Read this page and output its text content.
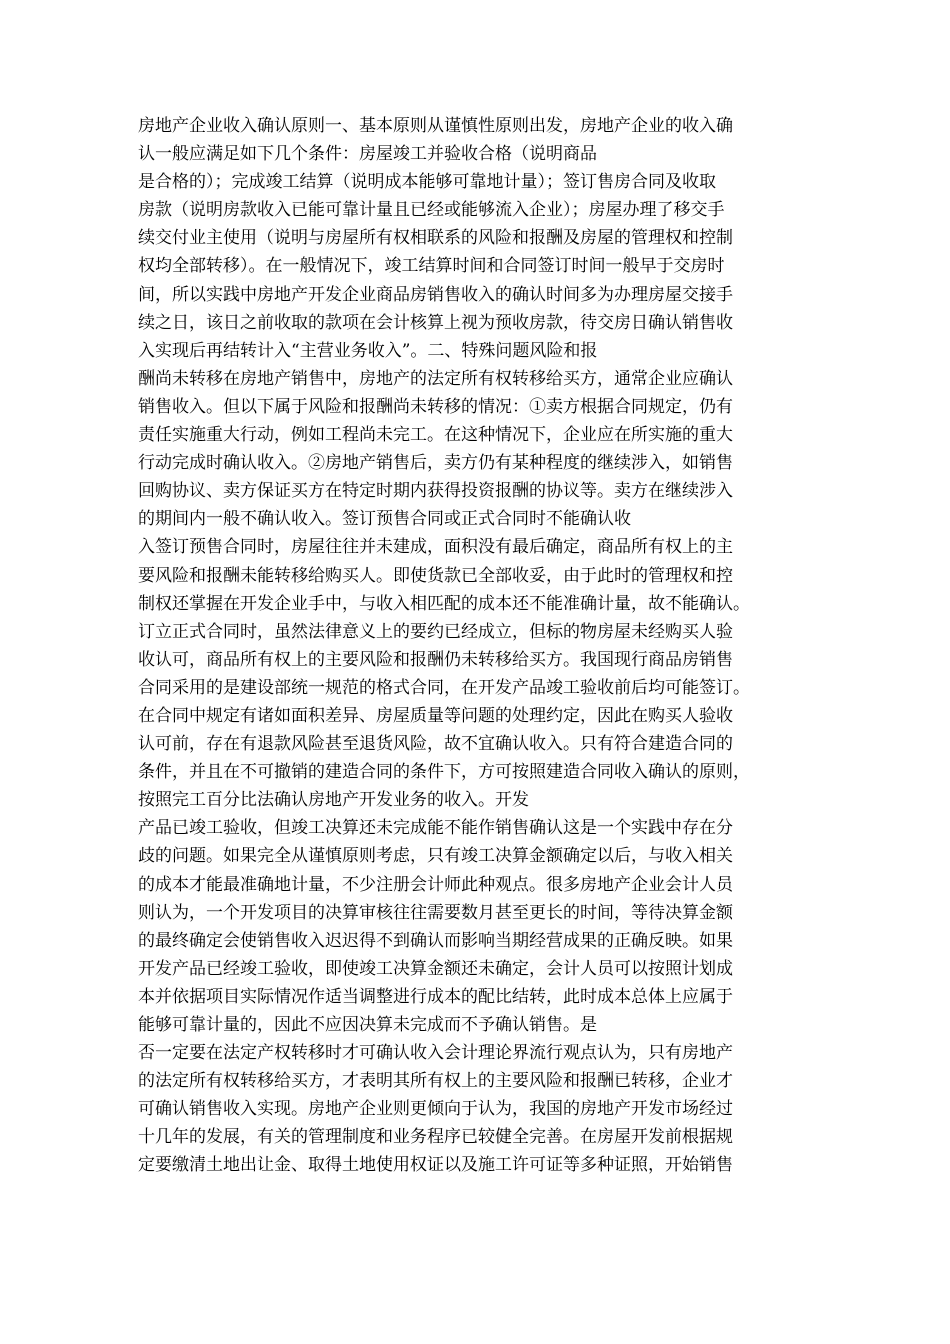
房地产企业收入确认原则一、基本原则从谨慎性原则出发，房地产企业的收入确
认一般应满足如下几个条件：房屋竣工并验收合格（说明商品
是合格的）；完成竣工结算（说明成本能够可靠地计量）；签订售房合同及收取
房款（说明房款收入已能可靠计量且已经或能够流入企业）；房屋办理了移交手
续交付业主使用（说明与房屋所有权相联系的风险和报酬及房屋的管理权和控制
权均全部转移）。在一般情况下，竣工结算时间和合同签订时间一般早于交房时
间，所以实践中房地产开发企业商品房销售收入的确认时间多为办理房屋交接手
续之日，该日之前收取的款项在会计核算上视为预收房款，待交房日确认销售收
入实现后再结转计入“主营业务收入”。二、特殊问题风险和报
酬尚未转移在房地产销售中，房地产的法定所有权转移给买方，通常企业应确认
销售收入。但以下属于风险和报酬尚未转移的情况：①卖方根据合同规定，仍有
责任实施重大行动，例如工程尚未完工。在这种情况下，企业应在所实施的重大
行动完成时确认收入。②房地产销售后，卖方仍有某种程度的继续涉入，如销售
回购协议、卖方保证买方在特定时期内获得投资报酬的协议等。卖方在继续涉入
的期间内一般不确认收入。签订预售合同或正式合同时不能确认收
入签订预售合同时，房屋往往并未建成，面积没有最后确定，商品所有权上的主
要风险和报酬未能转移给购买人。即使货款已全部收妥，由于此时的管理权和控
制权还掌握在开发企业手中，与收入相匹配的成本还不能准确计量，故不能确认。
订立正式合同时，虽然法律意义上的要约已经成立，但标的物房屋未经购买人验
收认可，商品所有权上的主要风险和报酬仍未转移给买方。我国现行商品房销售
合同采用的是建设部统一规范的格式合同，在开发产品竣工验收前后均可能签订。
在合同中规定有诸如面积差异、房屋质量等问题的处理约定，因此在购买人验收
认可前，存在有退款风险甚至退货风险，故不宜确认收入。只有符合建造合同的
条件，并且在不可撤销的建造合同的条件下，方可按照建造合同收入确认的原则，
按照完工百分比法确认房地产开发业务的收入。开发
产品已竣工验收，但竣工决算还未完成能不能作销售确认这是一个实践中存在分
歧的问题。如果完全从谨慎原则考虑，只有竣工决算金额确定以后，与收入相关
的成本才能最准确地计量，不少注册会计师此种观点。很多房地产企业会计人员
则认为，一个开发项目的决算审核往往需要数月甚至更长的时间，等待决算金额
的最终确定会使销售收入迟迟得不到确认而影响当期经营成果的正确反映。如果
开发产品已经竣工验收，即使竣工决算金额还未确定，会计人员可以按照计划成
本并依据项目实际情况作适当调整进行成本的配比结转，此时成本总体上应属于
能够可靠计量的，因此不应因决算未完成而不予确认销售。是
否一定要在法定产权转移时才可确认收入会计理论界流行观点认为，只有房地产
的法定所有权转移给买方，才表明其所有权上的主要风险和报酬已转移，企业才
可确认销售收入实现。房地产企业则更倾向于认为，我国的房地产开发市场经过
十几年的发展，有关的管理制度和业务程序已较健全完善。在房屋开发前根据规
定要缴清土地出让金、取得土地使用权证以及施工许可证等多种证照，开始销售
